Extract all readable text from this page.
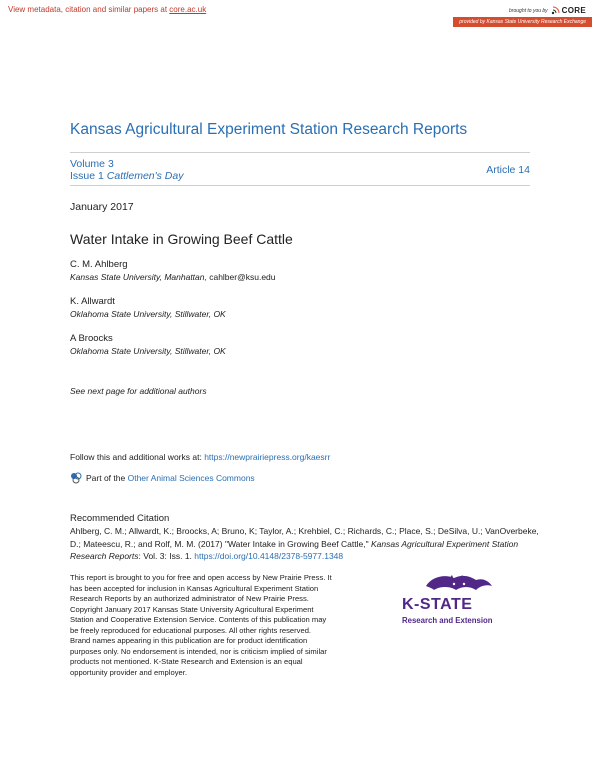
View metadata, citation and similar papers at core.ac.uk	brought to you by CORE
provided by Kansas State University Research Exchange
Kansas Agricultural Experiment Station Research Reports
Volume 3
Issue 1 Cattlemen's Day	Article 14
January 2017
Water Intake in Growing Beef Cattle
C. M. Ahlberg
Kansas State University, Manhattan, cahlber@ksu.edu
K. Allwardt
Oklahoma State University, Stillwater, OK
A Broocks
Oklahoma State University, Stillwater, OK
See next page for additional authors
Follow this and additional works at: https://newprairiepress.org/kaesrr
Part of the Other Animal Sciences Commons
Recommended Citation
Ahlberg, C. M.; Allwardt, K.; Broocks, A; Bruno, K; Taylor, A.; Krehbiel, C.; Richards, C.; Place, S.; DeSilva, U.; VanOverbeke, D.; Mateescu, R.; and Rolf, M. M. (2017) "Water Intake in Growing Beef Cattle," Kansas Agricultural Experiment Station Research Reports: Vol. 3: Iss. 1. https://doi.org/10.4148/2378-5977.1348
This report is brought to you for free and open access by New Prairie Press. It has been accepted for inclusion in Kansas Agricultural Experiment Station Research Reports by an authorized administrator of New Prairie Press. Copyright January 2017 Kansas State University Agricultural Experiment Station and Cooperative Extension Service. Contents of this publication may be freely reproduced for educational purposes. All other rights reserved. Brand names appearing in this publication are for product identification purposes only. No endorsement is intended, nor is criticism implied of similar products not mentioned. K-State Research and Extension is an equal opportunity provider and employer.
K-STATE
Research and Extension
